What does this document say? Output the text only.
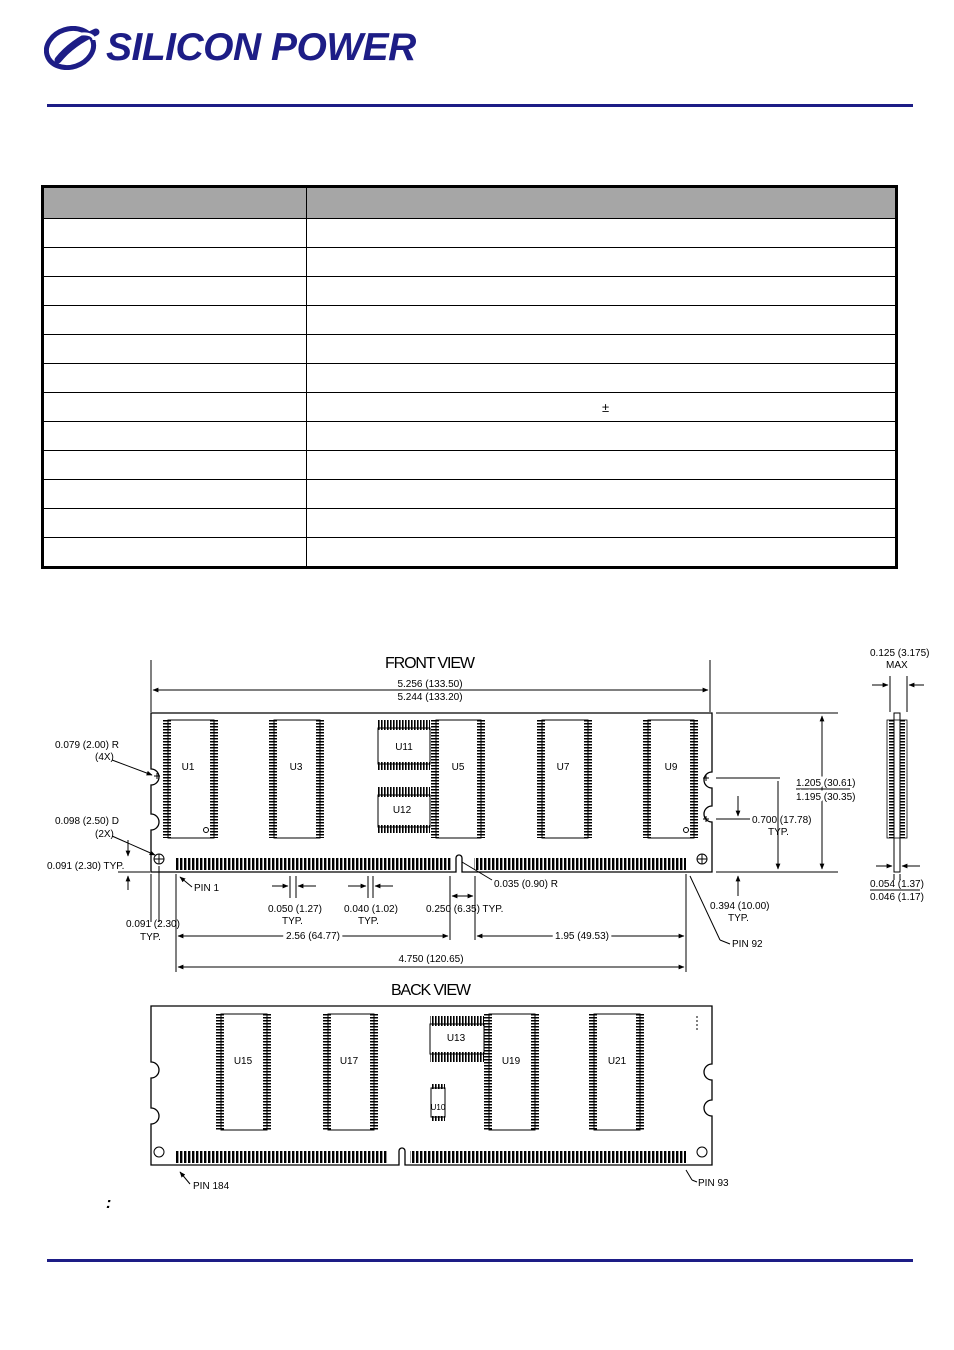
SILICON POWER

	±

FRONT VIEW
5.256 (133.50)
5.244 (133.20)
U1	U3
U11
U12
U5	U7	U9
0.079 (2.00) R
(4X)
0.098 (2.50) D
(2X)
0.091 (2.30) TYP.
0.091 (2.30)
TYP.
PIN 1
0.050 (1.27)
TYP.
0.040 (1.02)
TYP.
0.035 (0.90) R
0.250 (6.35) TYP.
2.56 (64.77)	1.95 (49.53)
4.750 (120.65)
PIN 92
1.205 (30.61)
1.195 (30.35)
0.700 (17.78)
TYP.
0.394 (10.00)
TYP.
0.125 (3.175)
MAX
0.054 (1.37)
0.046 (1.17)
BACK VIEW
U15	U17
U13
U19	U21
U10
PIN 184	PIN 93
:
